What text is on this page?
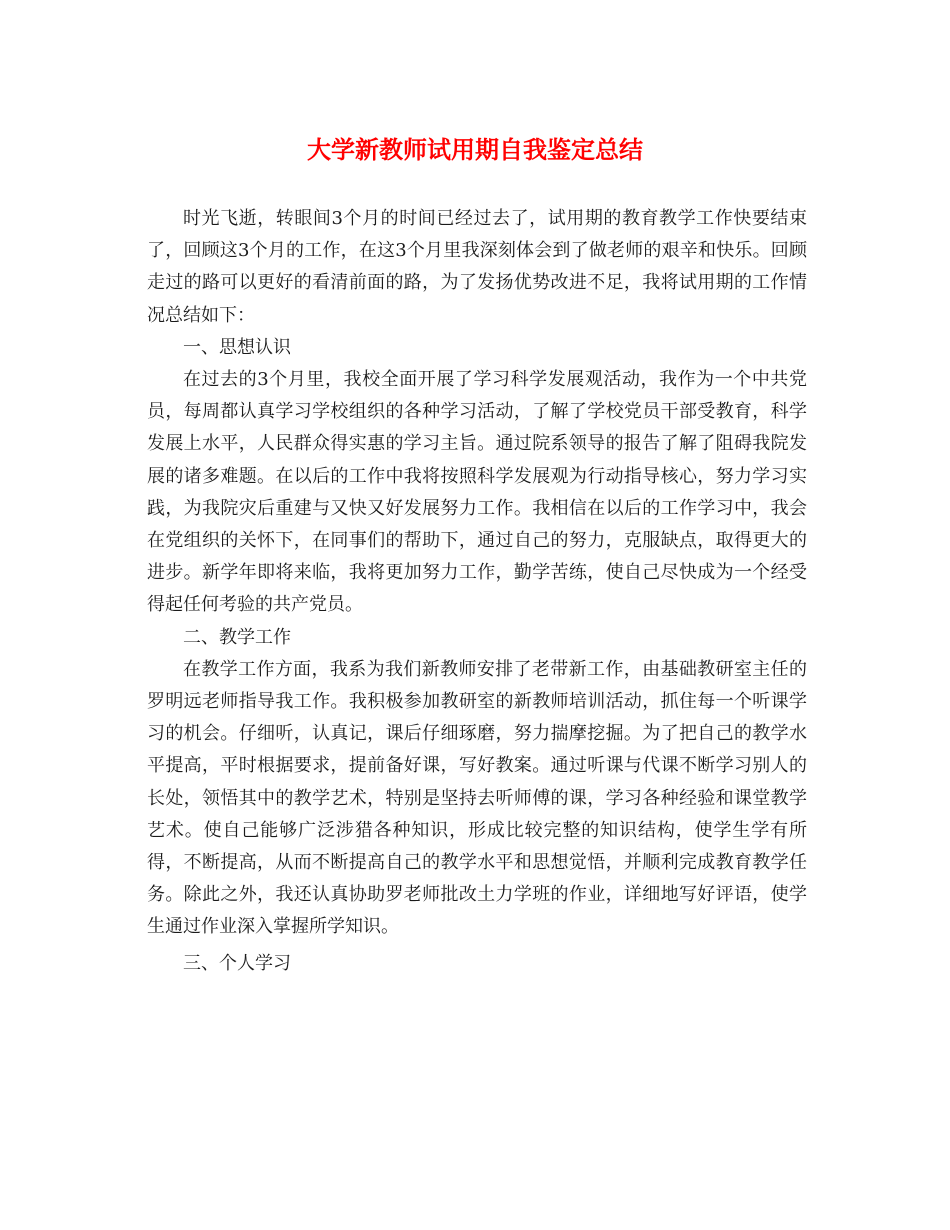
大学新教师试用期自我鉴定总结

时光飞逝，转眼间3个月的时间已经过去了，试用期的教育教学工作快要结束了，回顾这3个月的工作，在这3个月里我深刻体会到了做老师的艰辛和快乐。回顾走过的路可以更好的看清前面的路，为了发扬优势改进不足，我将试用期的工作情况总结如下：

一、思想认识

在过去的3个月里，我校全面开展了学习科学发展观活动，我作为一个中共党员，每周都认真学习学校组织的各种学习活动，了解了学校党员干部受教育，科学发展上水平，人民群众得实惠的学习主旨。通过院系领导的报告了解了阻碍我院发展的诸多难题。在以后的工作中我将按照科学发展观为行动指导核心，努力学习实践，为我院灾后重建与又快又好发展努力工作。我相信在以后的工作学习中，我会在党组织的关怀下，在同事们的帮助下，通过自己的努力，克服缺点，取得更大的进步。新学年即将来临，我将更加努力工作，勤学苦练，使自己尽快成为一个经受得起任何考验的共产党员。

二、教学工作

在教学工作方面，我系为我们新教师安排了老带新工作，由基础教研室主任的罗明远老师指导我工作。我积极参加教研室的新教师培训活动，抓住每一个听课学习的机会。仔细听，认真记，课后仔细琢磨，努力揣摩挖掘。为了把自己的教学水平提高，平时根据要求，提前备好课，写好教案。通过听课与代课不断学习别人的长处，领悟其中的教学艺术，特别是坚持去听师傅的课，学习各种经验和课堂教学艺术。使自己能够广泛涉猎各种知识，形成比较完整的知识结构，使学生学有所得，不断提高，从而不断提高自己的教学水平和思想觉悟，并顺利完成教育教学任务。除此之外，我还认真协助罗老师批改土力学班的作业，详细地写好评语，使学生通过作业深入掌握所学知识。

三、个人学习
